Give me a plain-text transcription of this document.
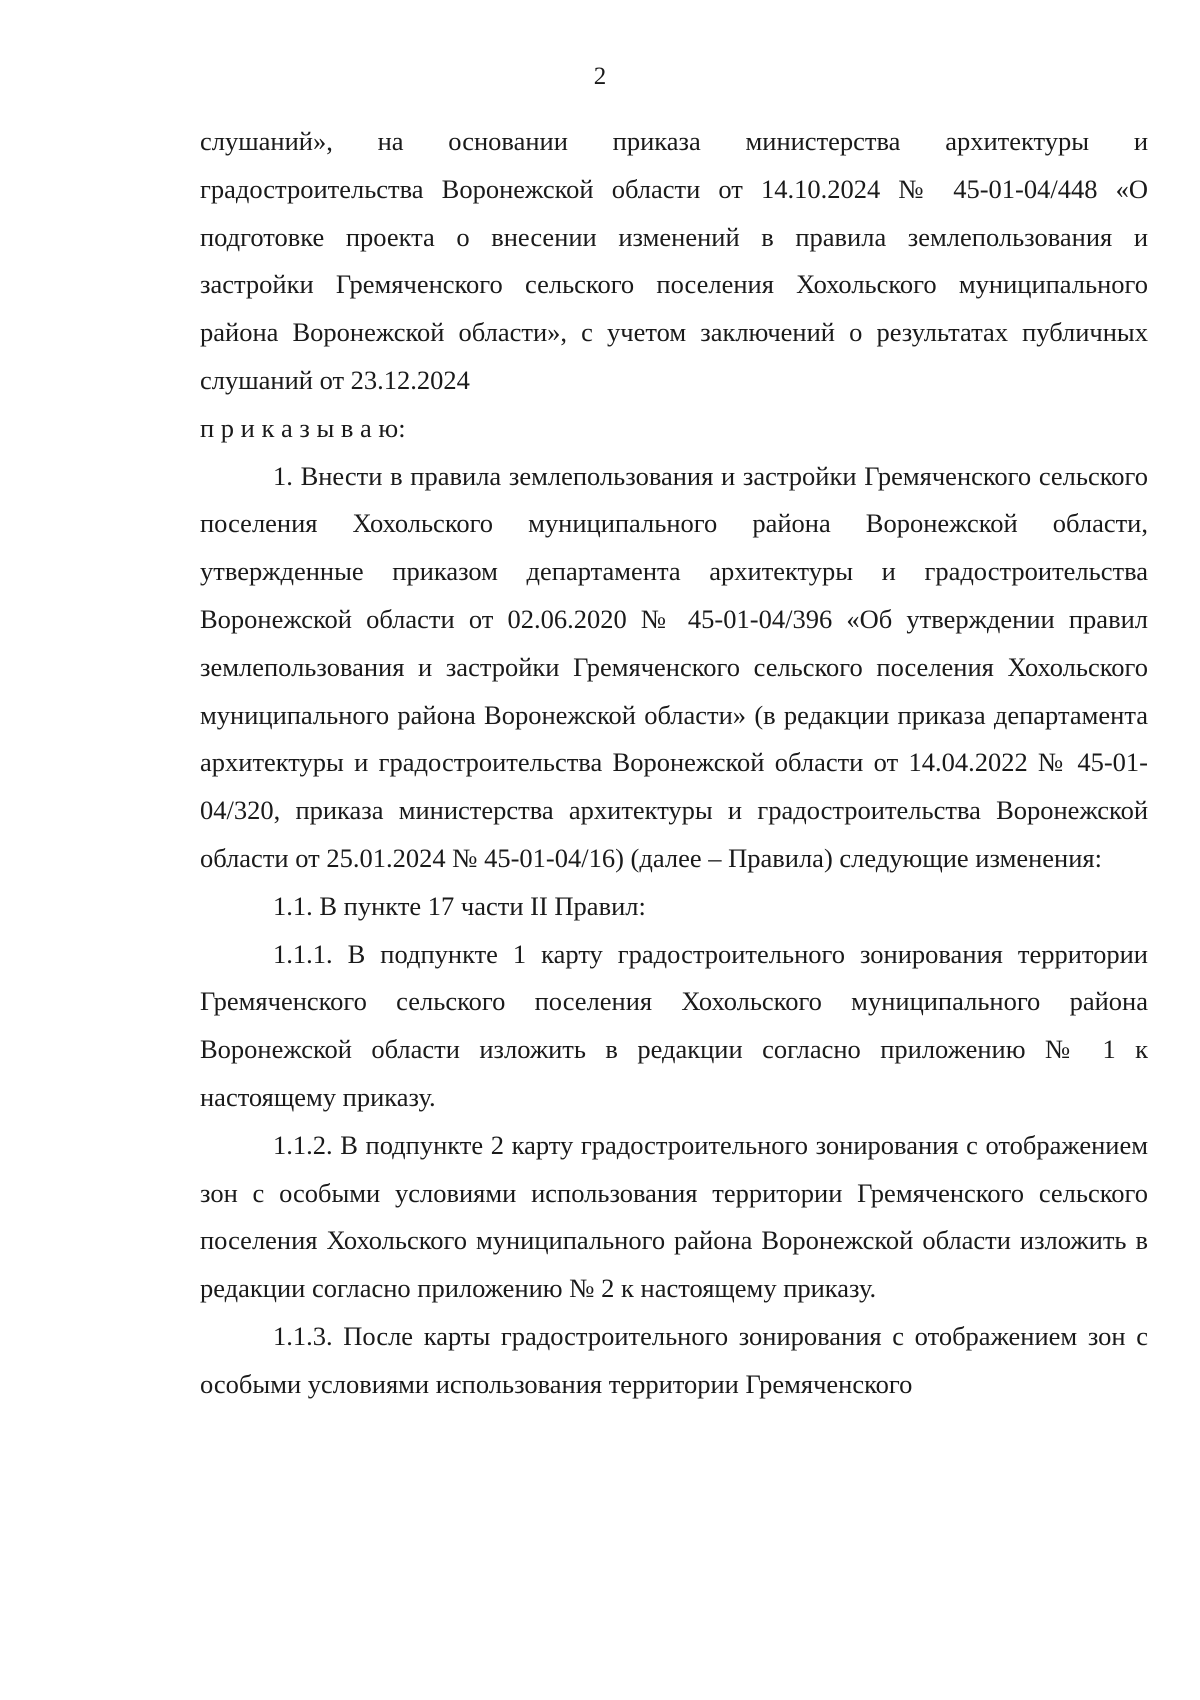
2

слушаний», на основании приказа министерства архитектуры и градостроительства Воронежской области от 14.10.2024 № 45-01-04/448 «О подготовке проекта о внесении изменений в правила землепользования и застройки Гремяченского сельского поселения Хохольского муниципального района Воронежской области», с учетом заключений о результатах публичных слушаний от 23.12.2024

п р и к а з ы в а ю:

1. Внести в правила землепользования и застройки Гремяченского сельского поселения Хохольского муниципального района Воронежской области, утвержденные приказом департамента архитектуры и градостроительства Воронежской области от 02.06.2020 № 45-01-04/396 «Об утверждении правил землепользования и застройки Гремяченского сельского поселения Хохольского муниципального района Воронежской области» (в редакции приказа департамента архитектуры и градостроительства Воронежской области от 14.04.2022 № 45-01-04/320, приказа министерства архитектуры и градостроительства Воронежской области от 25.01.2024 № 45-01-04/16) (далее – Правила) следующие изменения:

1.1. В пункте 17 части II Правил:

1.1.1. В подпункте 1 карту градостроительного зонирования территории Гремяченского сельского поселения Хохольского муниципального района Воронежской области изложить в редакции согласно приложению № 1 к настоящему приказу.

1.1.2. В подпункте 2 карту градостроительного зонирования с отображением зон с особыми условиями использования территории Гремяченского сельского поселения Хохольского муниципального района Воронежской области изложить в редакции согласно приложению № 2 к настоящему приказу.

1.1.3. После карты градостроительного зонирования с отображением зон с особыми условиями использования территории Гремяченского
